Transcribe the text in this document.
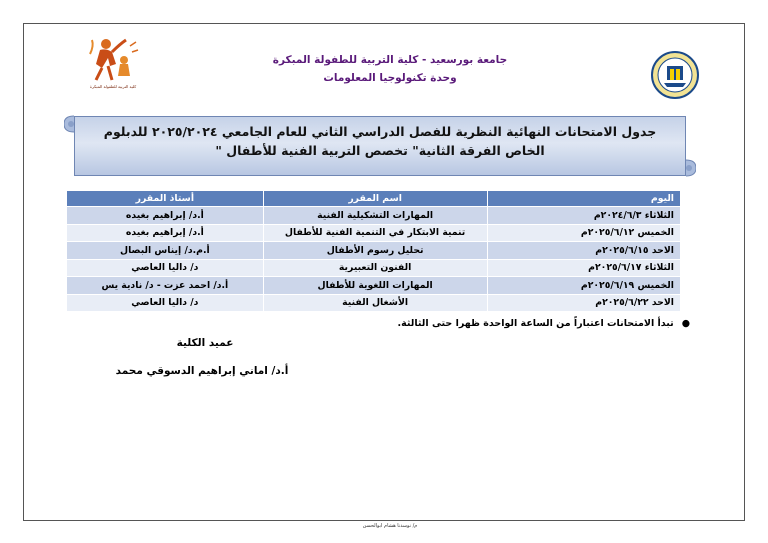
كلية التربية للطفولة المبكرة
جامعة بورسعيد - كلية التربية للطفولة المبكرة
وحدة تكنولوجيا المعلومات
جدول الامتحانات النهائية النظرية للفصل الدراسي الثاني للعام الجامعي ٢٠٢٥/٢٠٢٤ للدبلوم
الخاص الفرقة الثانية" تخصص التربية الفنية للأطفال "
اليوم	اسم المقرر	أستاذ المقرر
الثلاثاء ٢٠٢٤/٦/٣م	المهارات التشكيلية الفنية	أ.د/ إبراهيم بغيده
الخميس ٢٠٢٥/٦/١٢م	تنمية الابتكار في التنمية الفنية للأطفال	أ.د/ إبراهيم بغيده
الاحد ٢٠٢٥/٦/١٥م	تحليل رسوم الأطفال	أ.م.د/ إيناس البصال
الثلاثاء ٢٠٢٥/٦/١٧م	الفنون التعبيرية	د/ داليا العاصي
الخميس ٢٠٢٥/٦/١٩م	المهارات اللغوية للأطفال	أ.د/ احمد عزت - د/ نادية يس
الاحد ٢٠٢٥/٦/٢٢م	الأشغال الفنية	د/ داليا العاصي
●تبدأ الامتحانات اعتباراً من الساعة الواحدة ظهرا حتى الثالثة.
عميد الكلية
أ.د/ اماني إبراهيم الدسوقي محمد
م/ نوسدنا هشام ابوالحسن
